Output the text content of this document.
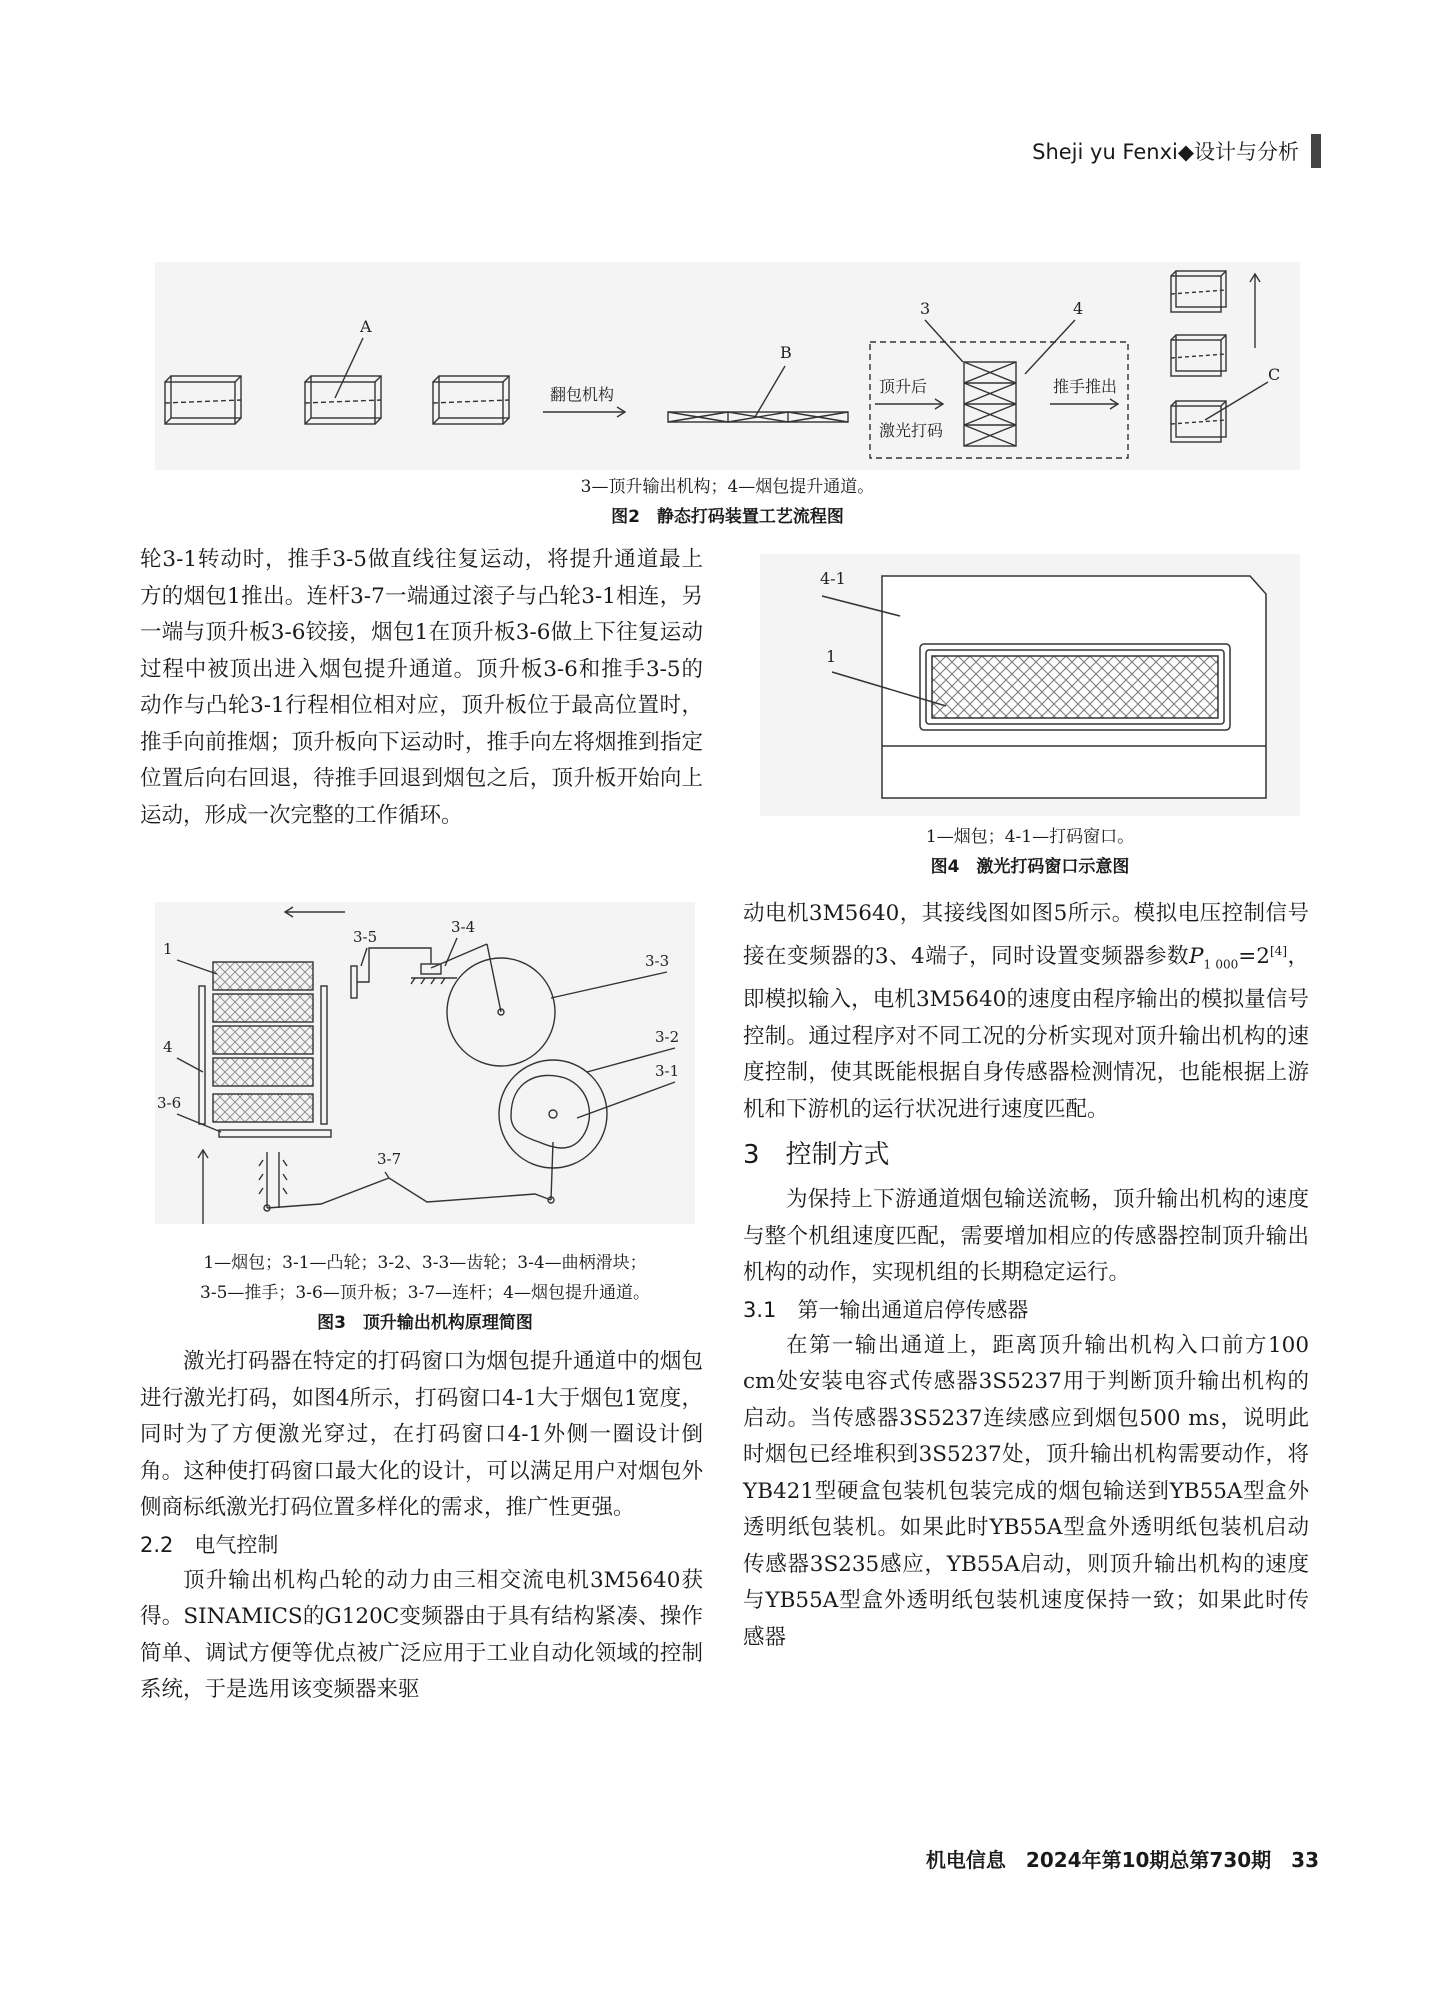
Sheji yu Fenxi◆设计与分析
A
B
C
3	4
翻包机构	顶升后
激光打码
推手推出
3—顶升输出机构；4—烟包提升通道。
图2　静态打码装置工艺流程图
4-1
1
1—烟包；4-1—打码窗口。
图4　激光打码窗口示意图
1
4
3-6
3-5
3-4
3-3
3-2
3-1
3-7
1—烟包；3-1—凸轮；3-2、3-3—齿轮；3-4—曲柄滑块；
3-5—推手；3-6—顶升板；3-7—连杆；4—烟包提升通道。
图3　顶升输出机构原理简图

轮3-1转动时，推手3-5做直线往复运动，将提升通道最上方的烟包1推出。连杆3-7一端通过滚子与凸轮3-1相连，另一端与顶升板3-6铰接，烟包1在顶升板3-6做上下往复运动过程中被顶出进入烟包提升通道。顶升板3-6和推手3-5的动作与凸轮3-1行程相位相对应，顶升板位于最高位置时，推手向前推烟；顶升板向下运动时，推手向左将烟推到指定位置后向右回退，待推手回退到烟包之后，顶升板开始向上运动，形成一次完整的工作循环。

激光打码器在特定的打码窗口为烟包提升通道中的烟包进行激光打码，如图4所示，打码窗口4-1大于烟包1宽度，同时为了方便激光穿过，在打码窗口4-1外侧一圈设计倒角。这种使打码窗口最大化的设计，可以满足用户对烟包外侧商标纸激光打码位置多样化的需求，推广性更强。

2.2　电气控制

顶升输出机构凸轮的动力由三相交流电机3M5640获得。SINAMICS的G120C变频器由于具有结构紧凑、操作简单、调试方便等优点被广泛应用于工业自动化领域的控制系统，于是选用该变频器来驱

动电机3M5640，其接线图如图5所示。模拟电压控制信号接在变频器的3、4端子，同时设置变频器参数$P_{1 000}=2[4]$，即模拟输入，电机3M5640的速度由程序输出的模拟量信号控制。通过程序对不同工况的分析实现对顶升输出机构的速度控制，使其既能根据自身传感器检测情况，也能根据上游机和下游机的运行状况进行速度匹配。

3　控制方式

为保持上下游通道烟包输送流畅，顶升输出机构的速度与整个机组速度匹配，需要增加相应的传感器控制顶升输出机构的动作，实现机组的长期稳定运行。

3.1　第一输出通道启停传感器

在第一输出通道上，距离顶升输出机构入口前方100 cm处安装电容式传感器3S5237用于判断顶升输出机构的启动。当传感器3S5237连续感应到烟包500 ms，说明此时烟包已经堆积到3S5237处，顶升输出机构需要动作，将YB421型硬盒包装机包装完成的烟包输送到YB55A型盒外透明纸包装机。如果此时YB55A型盒外透明纸包装机启动传感器3S235感应，YB55A启动，则顶升输出机构的速度与YB55A型盒外透明纸包装机速度保持一致；如果此时传感器

机电信息　2024年第10期总第730期　33
